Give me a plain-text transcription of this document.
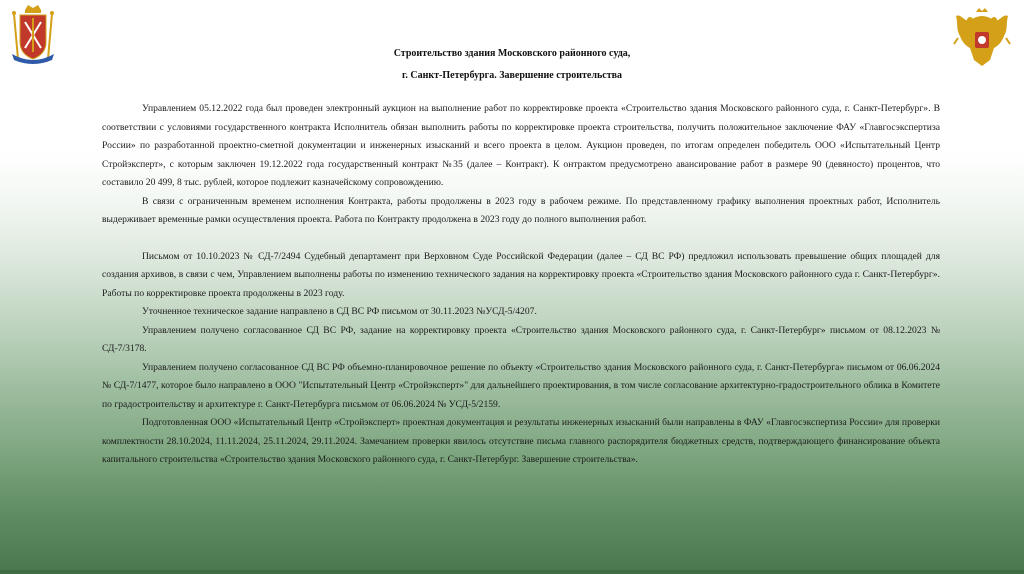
Строительство здания Московского районного суда,
г. Санкт-Петербурга. Завершение строительства

Управлением 05.12.2022 года был проведен электронный аукцион на выполнение работ по корректировке проекта «Строительство здания Московского районного суда, г. Санкт-Петербург». В соответствии с условиями государственного контракта Исполнитель обязан выполнить работы по корректировке проекта строительства, получить положительное заключение ФАУ «Главгосэкспертиза России» по разработанной проектно-сметной документации и инженерных изысканий и всего проекта в целом. Аукцион проведен, по итогам определен победитель ООО «Испытательный Центр Стройэксперт», с которым заключен 19.12.2022 года государственный контракт №35 (далее – Контракт). К онтрактом предусмотрено авансирование работ в размере 90 (девяносто) процентов, что составило 20 499, 8 тыс. рублей, которое подлежит казначейскому сопровождению.

В связи с ограниченным временем исполнения Контракта, работы продолжены в 2023 году в рабочем режиме. По представленному графику выполнения проектных работ, Исполнитель выдерживает временные рамки осуществления проекта. Работа по Контракту продолжена в 2023 году до полного выполнения работ.

Письмом от 10.10.2023 № СД-7/2494 Судебный департамент при Верховном Суде Российской Федерации (далее – СД ВС РФ) предложил использовать превышение общих площадей для создания архивов, в связи с чем, Управлением выполнены работы по изменению технического задания на корректировку проекта «Строительство здания Московского районного суда г. Санкт-Петербург». Работы по корректировке проекта продолжены в 2023 году.

Уточненное техническое задание направлено в СД ВС РФ письмом от 30.11.2023 №УСД-5/4207.

Управлением получено согласованное СД ВС РФ, задание на корректировку проекта «Строительство здания Московского районного суда, г. Санкт-Петербург» письмом от 08.12.2023 № СД-7/3178.

Управлением получено согласованное СД ВС РФ объемно-планировочное решение по объекту «Строительство здания Московского районного суда, г. Санкт-Петербурга» письмом от 06.06.2024 № СД-7/1477, которое было направлено в ООО "Испытательный Центр «Стройэксперт»" для дальнейшего проектирования, в том числе согласование архитектурно-градостроительного облика в Комитете по градостроительству и архитектуре г. Санкт-Петербурга письмом от 06.06.2024 № УСД-5/2159.

Подготовленная ООО «Испытательный Центр «Стройэксперт» проектная документация и результаты инженерных изысканий были направлены в ФАУ «Главгосэкспертиза России» для проверки комплектности 28.10.2024, 11.11.2024, 25.11.2024, 29.11.2024. Замечанием проверки явилось отсутствие письма главного распорядителя бюджетных средств, подтверждающего финансирование объекта капитального строительства «Строительство здания Московского районного суда, г. Санкт-Петербург. Завершение строительства».
